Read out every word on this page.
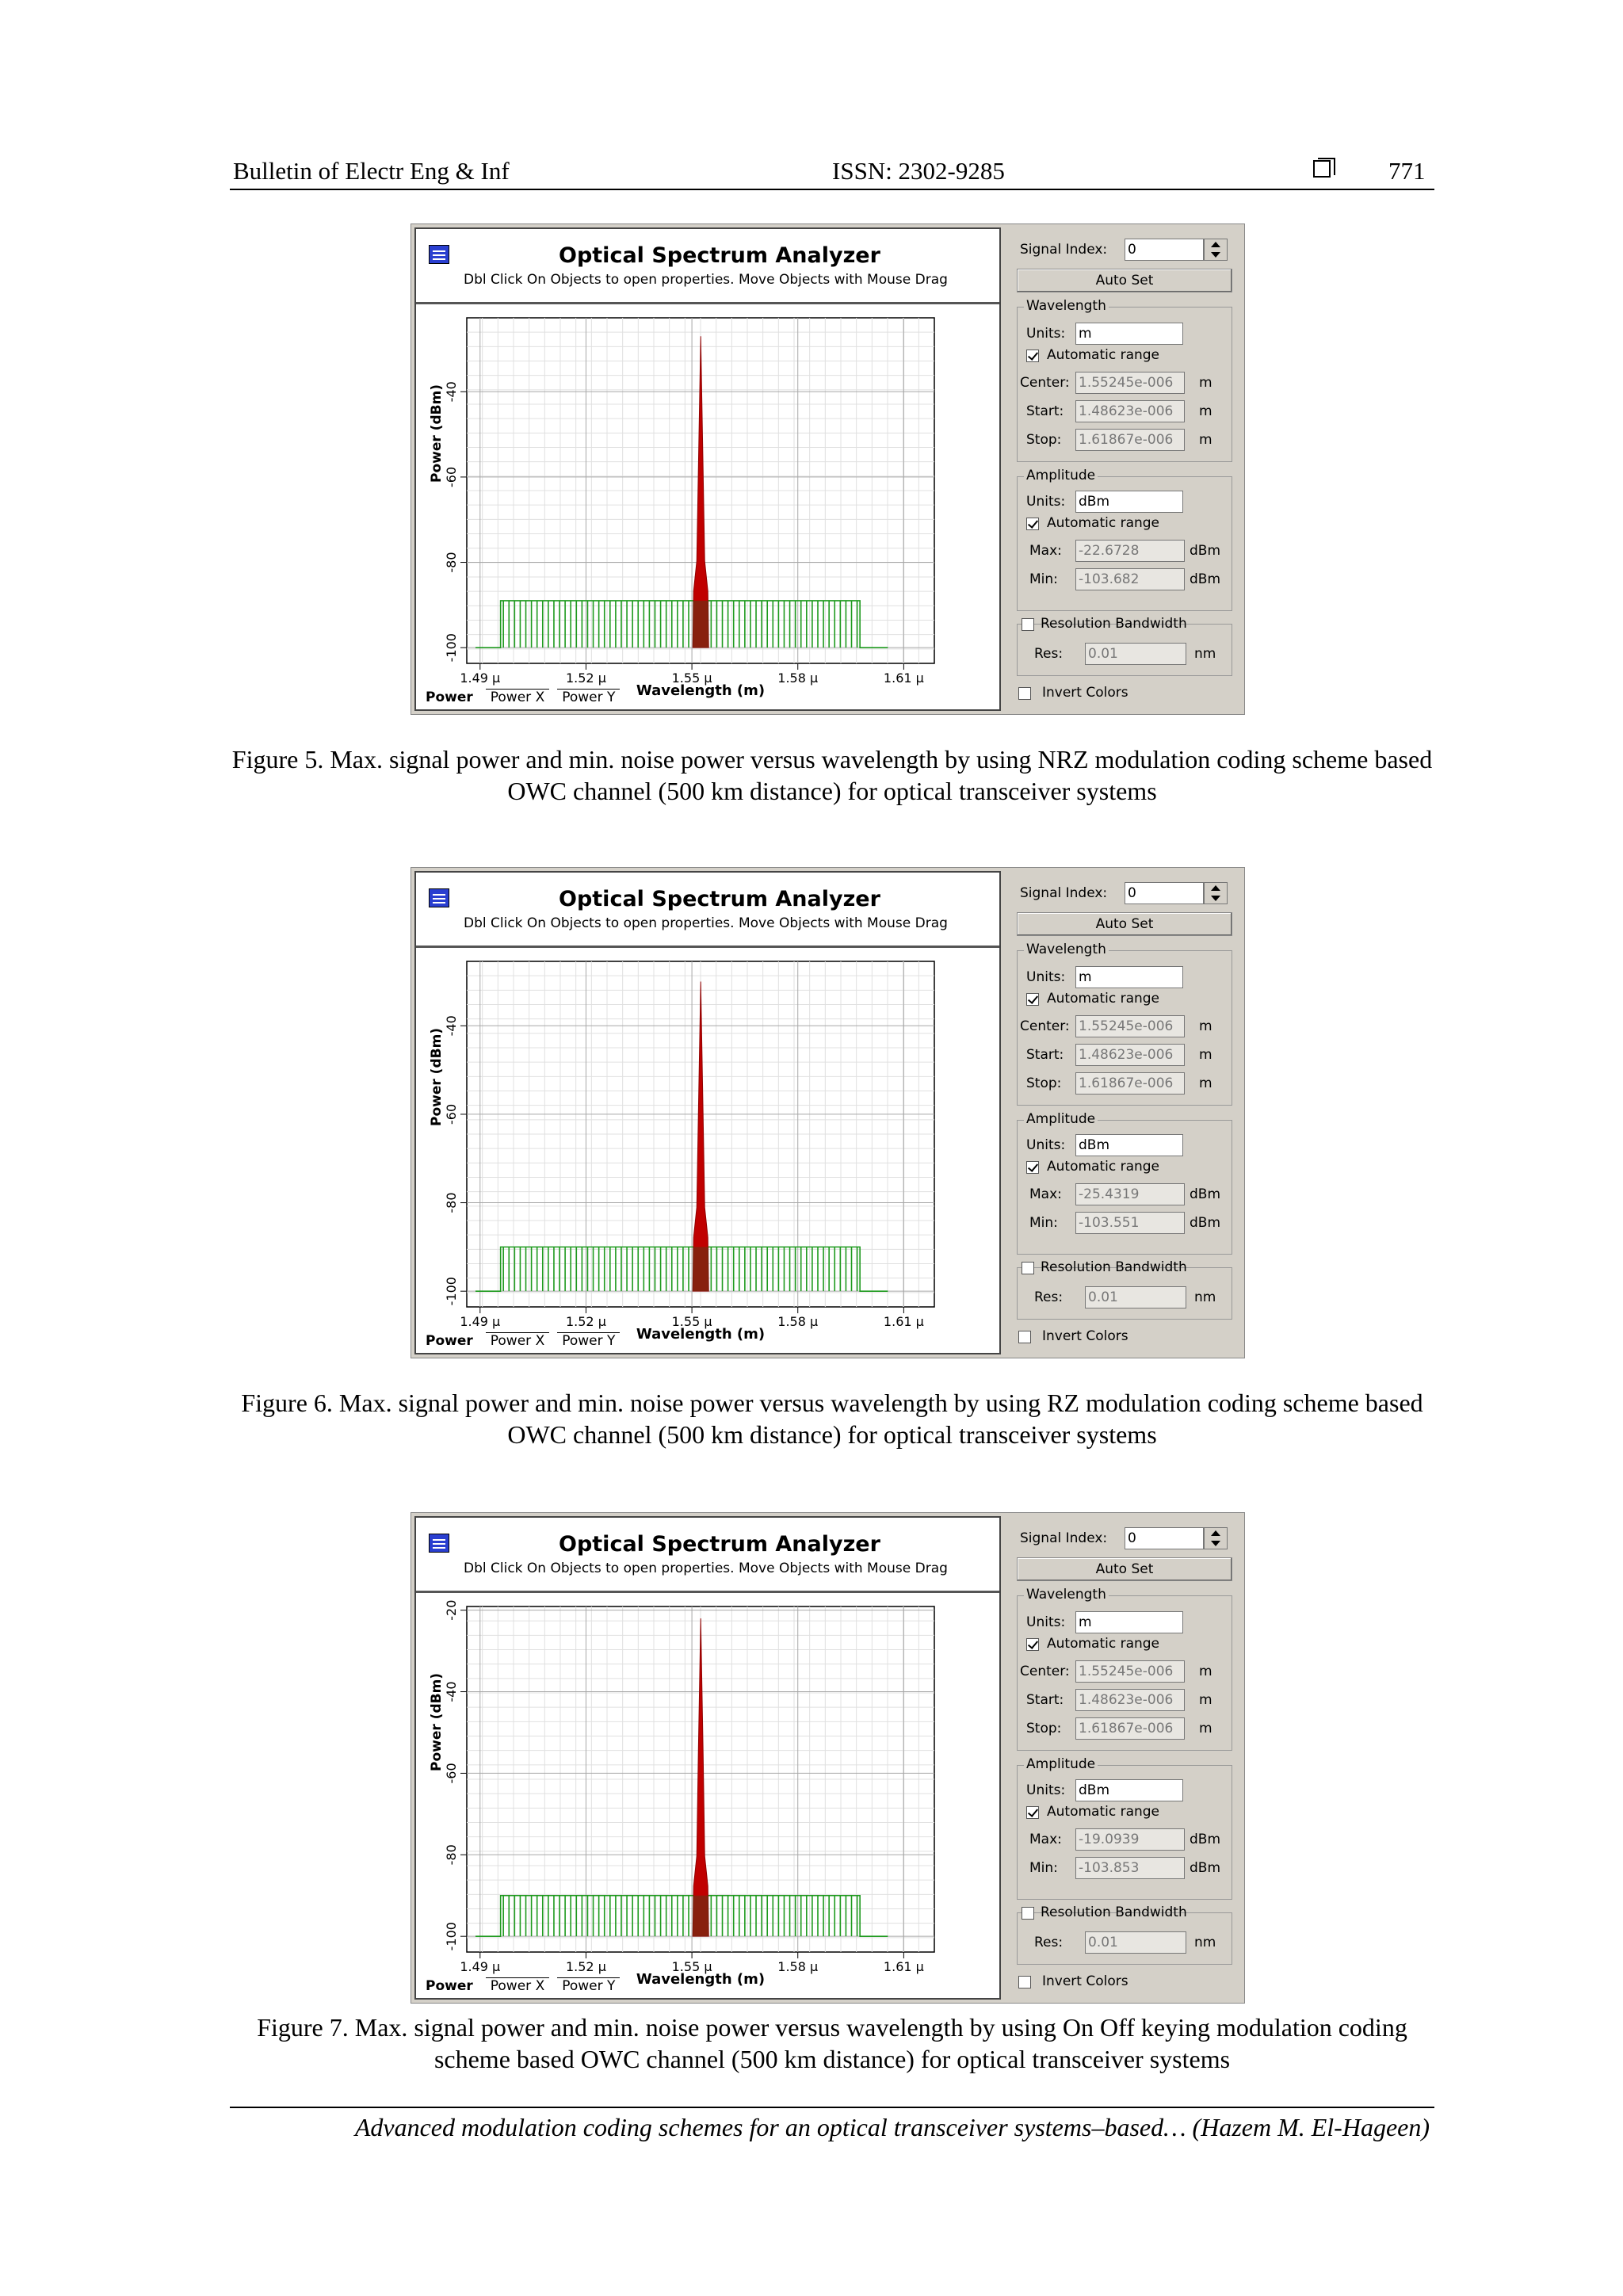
Bulletin of Electr Eng & Inf	ISSN: 2302-9285	771
Optical Spectrum Analyzer
Dbl Click On Objects to open properties. Move Objects with Mouse Drag
Power (dBm)
1.49 µ	1.52 µ	1.55 µ	1.58 µ	1.61 µ
-100
-80
-60
-40
Wavelength (m)
Power Power X Power Y
Signal Index: 0
Auto Set
Wavelength
Units: m
Automatic range
Center: 1.55245e-006	m
Start: 1.48623e-006	m
Stop: 1.61867e-006	m
Amplitude
Units: dBm
Automatic range
Max: -22.6728	dBm
Min: -103.682	dBm
Resolution Bandwidth
Res: 0.01	nm
Invert Colors
Optical Spectrum Analyzer
Dbl Click On Objects to open properties. Move Objects with Mouse Drag
Power (dBm)
1.49 µ	1.52 µ	1.55 µ	1.58 µ	1.61 µ
-100
-80
-60
-40
Wavelength (m)
Power Power X Power Y
Signal Index: 0
Auto Set
Wavelength
Units: m
Automatic range
Center: 1.55245e-006	m
Start: 1.48623e-006	m
Stop: 1.61867e-006	m
Amplitude
Units: dBm
Automatic range
Max: -25.4319	dBm
Min: -103.551	dBm
Resolution Bandwidth
Res: 0.01	nm
Invert Colors
Optical Spectrum Analyzer
Dbl Click On Objects to open properties. Move Objects with Mouse Drag
Power (dBm)
1.49 µ	1.52 µ	1.55 µ	1.58 µ	1.61 µ
-100
-80
-60
-40
-20
Wavelength (m)
Power Power X Power Y
Signal Index: 0
Auto Set
Wavelength
Units: m
Automatic range
Center: 1.55245e-006	m
Start: 1.48623e-006	m
Stop: 1.61867e-006	m
Amplitude
Units: dBm
Automatic range
Max: -19.0939	dBm
Min: -103.853	dBm
Resolution Bandwidth
Res: 0.01	nm
Invert Colors
Advanced modulation coding schemes for an optical transceiver systems–based… (Hazem M. El-Hageen)
Figure 5. Max. signal power and min. noise power versus wavelength by using NRZ modulation coding scheme based OWC channel (500 km distance) for optical transceiver systems
Figure 6. Max. signal power and min. noise power versus wavelength by using RZ modulation coding scheme based OWC channel (500 km distance) for optical transceiver systems
Figure 7. Max. signal power and min. noise power versus wavelength by using On Off keying modulation coding scheme based OWC channel (500 km distance) for optical transceiver systems
